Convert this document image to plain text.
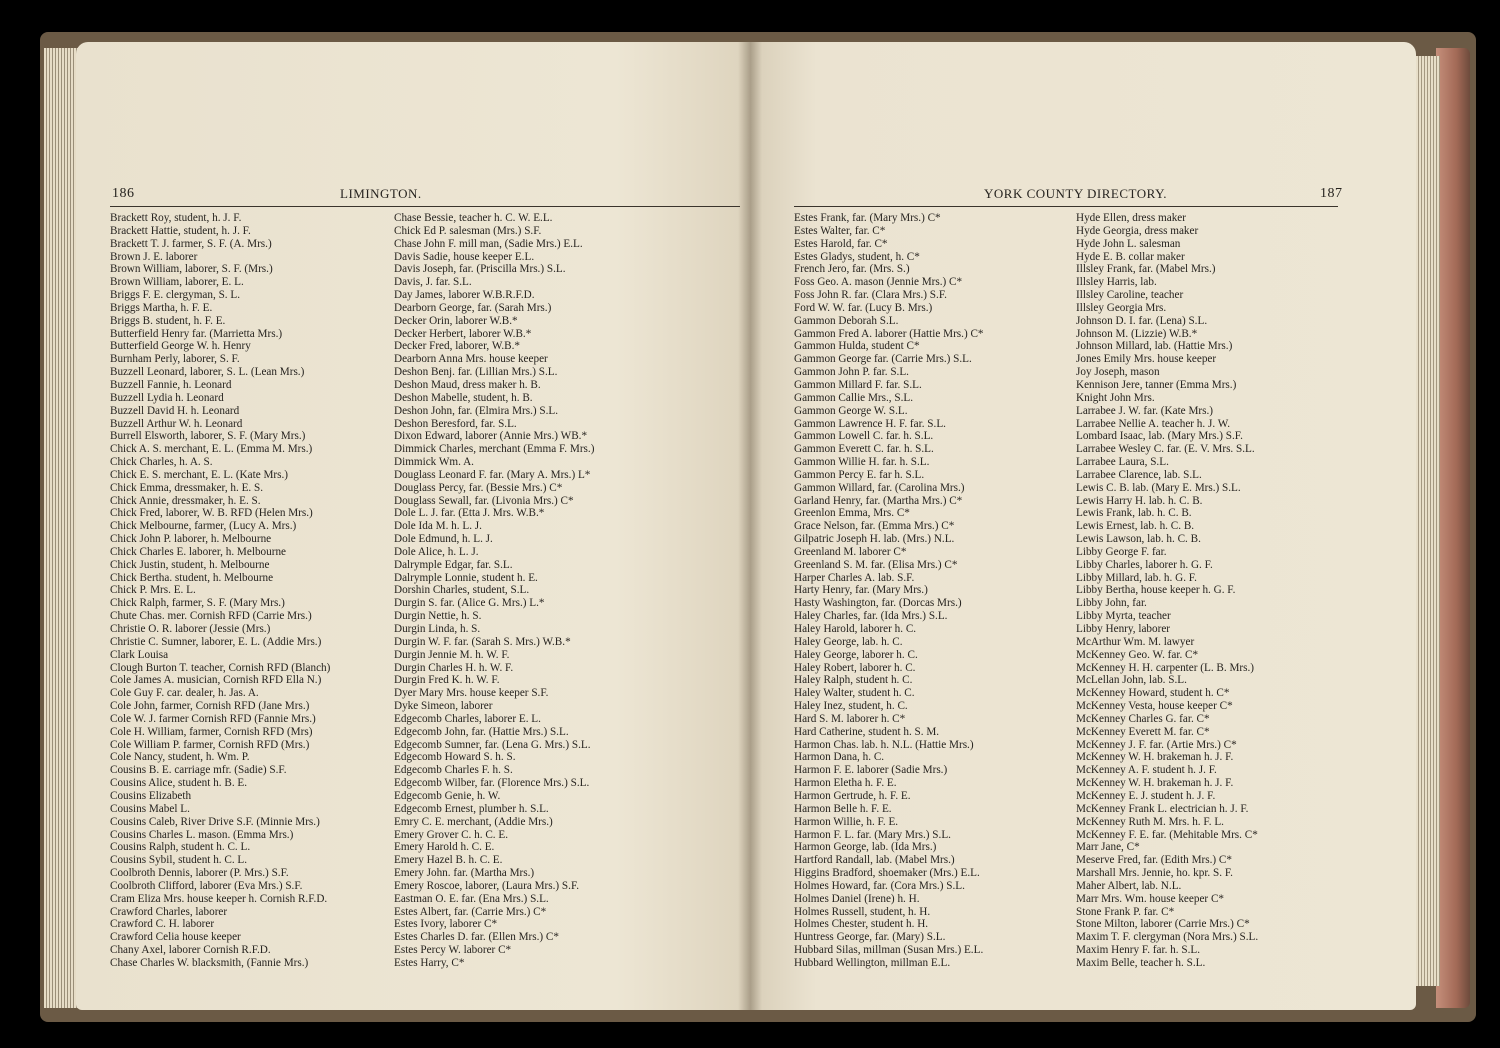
186	LIMINGTON.
Brackett Roy, student, h. J. F.
Brackett Hattie, student, h. J. F.
Brackett T. J. farmer, S. F. (A. Mrs.)
Brown J. E. laborer
Brown William, laborer, S. F. (Mrs.)
Brown William, laborer, E. L.
Briggs F. E. clergyman, S. L.
Briggs Martha, h. F. E.
Briggs B. student, h. F. E.
Butterfield Henry far. (Marrietta Mrs.)
Butterfield George W. h. Henry
Burnham Perly, laborer, S. F.
Buzzell Leonard, laborer, S. L. (Lean Mrs.)
Buzzell Fannie, h. Leonard
Buzzell Lydia h. Leonard
Buzzell David H. h. Leonard
Buzzell Arthur W. h. Leonard
Burrell Elsworth, laborer, S. F. (Mary Mrs.)
Chick A. S. merchant, E. L. (Emma M. Mrs.)
Chick Charles, h. A. S.
Chick E. S. merchant, E. L. (Kate Mrs.)
Chick Emma, dressmaker, h. E. S.
Chick Annie, dressmaker, h. E. S.
Chick Fred, laborer, W. B. RFD (Helen Mrs.)
Chick Melbourne, farmer, (Lucy A. Mrs.)
Chick John P. laborer, h. Melbourne
Chick Charles E. laborer, h. Melbourne
Chick Justin, student, h. Melbourne
Chick Bertha. student, h. Melbourne
Chick P. Mrs. E. L.
Chick Ralph, farmer, S. F. (Mary Mrs.)
Chute Chas. mer. Cornish RFD (Carrie Mrs.)
Christie O. R. laborer (Jessie (Mrs.)
Christie C. Sumner, laborer, E. L. (Addie Mrs.)
Clark Louisa
Clough Burton T. teacher, Cornish RFD (Blanch)
Cole James A. musician, Cornish RFD Ella N.)
Cole Guy F. car. dealer, h. Jas. A.
Cole John, farmer, Cornish RFD (Jane Mrs.)
Cole W. J. farmer Cornish RFD (Fannie Mrs.)
Cole H. William, farmer, Cornish RFD (Mrs)
Cole William P. farmer, Cornish RFD (Mrs.)
Cole Nancy, student, h. Wm. P.
Cousins B. E. carriage mfr. (Sadie) S.F.
Cousins Alice, student h. B. E.
Cousins Elizabeth
Cousins Mabel L.
Cousins Caleb, River Drive S.F. (Minnie Mrs.)
Cousins Charles L. mason. (Emma Mrs.)
Cousins Ralph, student h. C. L.
Cousins Sybil, student h. C. L.
Coolbroth Dennis, laborer (P. Mrs.) S.F.
Coolbroth Clifford, laborer (Eva Mrs.) S.F.
Cram Eliza Mrs. house keeper h. Cornish R.F.D.
Crawford Charles, laborer
Crawford C. H. laborer
Crawford Celia house keeper
Chany Axel, laborer Cornish R.F.D.
Chase Charles W. blacksmith, (Fannie Mrs.)
Chase Bessie, teacher h. C. W. E.L.
Chick Ed P. salesman (Mrs.) S.F.
Chase John F. mill man, (Sadie Mrs.) E.L.
Davis Sadie, house keeper E.L.
Davis Joseph, far. (Priscilla Mrs.) S.L.
Davis, J. far. S.L.
Day James, laborer W.B.R.F.D.
Dearborn George, far. (Sarah Mrs.)
Decker Orin, laborer W.B.*
Decker Herbert, laborer W.B.*
Decker Fred, laborer, W.B.*
Dearborn Anna Mrs. house keeper
Deshon Benj. far. (Lillian Mrs.) S.L.
Deshon Maud, dress maker h. B.
Deshon Mabelle, student, h. B.
Deshon John, far. (Elmira Mrs.) S.L.
Deshon Beresford, far. S.L.
Dixon Edward, laborer (Annie Mrs.) WB.*
Dimmick Charles, merchant (Emma F. Mrs.)
Dimmick Wm. A.
Douglass Leonard F. far. (Mary A. Mrs.) L*
Douglass Percy, far. (Bessie Mrs.) C*
Douglass Sewall, far. (Livonia Mrs.) C*
Dole L. J. far. (Etta J. Mrs. W.B.*
Dole Ida M. h. L. J.
Dole Edmund, h. L. J.
Dole Alice, h. L. J.
Dalrymple Edgar, far. S.L.
Dalrymple Lonnie, student h. E.
Dorshin Charles, student, S.L.
Durgin S. far. (Alice G. Mrs.) L.*
Durgin Nettie, h. S.
Durgin Linda, h. S.
Durgin W. F. far. (Sarah S. Mrs.) W.B.*
Durgin Jennie M. h. W. F.
Durgin Charles H. h. W. F.
Durgin Fred K. h. W. F.
Dyer Mary Mrs. house keeper S.F.
Dyke Simeon, laborer
Edgecomb Charles, laborer E. L.
Edgecomb John, far. (Hattie Mrs.) S.L.
Edgecomb Sumner, far. (Lena G. Mrs.) S.L.
Edgecomb Howard S. h. S.
Edgecomb Charles F. h. S.
Edgecomb Wilber, far. (Florence Mrs.) S.L.
Edgecomb Genie, h. W.
Edgecomb Ernest, plumber h. S.L.
Emry C. E. merchant, (Addie Mrs.)
Emery Grover C. h. C. E.
Emery Harold h. C. E.
Emery Hazel B. h. C. E.
Emery John. far. (Martha Mrs.)
Emery Roscoe, laborer, (Laura Mrs.) S.F.
Eastman O. E. far. (Ena Mrs.) S.L.
Estes Albert, far. (Carrie Mrs.) C*
Estes Ivory, laborer C*
Estes Charles D. far. (Ellen Mrs.) C*
Estes Percy W. laborer C*
Estes Harry, C*
YORK COUNTY DIRECTORY.	187
Estes Frank, far. (Mary Mrs.) C*
Estes Walter, far. C*
Estes Harold, far. C*
Estes Gladys, student, h. C*
French Jero, far. (Mrs. S.)
Foss Geo. A. mason (Jennie Mrs.) C*
Foss John R. far. (Clara Mrs.) S.F.
Ford W. W. far. (Lucy B. Mrs.)
Gammon Deborah S.L.
Gammon Fred A. laborer (Hattie Mrs.) C*
Gammon Hulda, student C*
Gammon George far. (Carrie Mrs.) S.L.
Gammon John P. far. S.L.
Gammon Millard F. far. S.L.
Gammon Callie Mrs., S.L.
Gammon George W. S.L.
Gammon Lawrence H. F. far. S.L.
Gammon Lowell C. far. h. S.L.
Gammon Everett C. far. h. S.L.
Gammon Willie H. far. h. S.L.
Gammon Percy E. far h. S.L.
Gammon Willard, far. (Carolina Mrs.)
Garland Henry, far. (Martha Mrs.) C*
Greenlon Emma, Mrs. C*
Grace Nelson, far. (Emma Mrs.) C*
Gilpatric Joseph H. lab. (Mrs.) N.L.
Greenland M. laborer C*
Greenland S. M. far. (Elisa Mrs.) C*
Harper Charles A. lab. S.F.
Harty Henry, far. (Mary Mrs.)
Hasty Washington, far. (Dorcas Mrs.)
Haley Charles, far. (Ida Mrs.) S.L.
Haley Harold, laborer h. C.
Haley George, lab. h. C.
Haley George, laborer h. C.
Haley Robert, laborer h. C.
Haley Ralph, student h. C.
Haley Walter, student h. C.
Haley Inez, student, h. C.
Hard S. M. laborer h. C*
Hard Catherine, student h. S. M.
Harmon Chas. lab. h. N.L. (Hattie Mrs.)
Harmon Dana, h. C.
Harmon F. E. laborer (Sadie Mrs.)
Harmon Eletha h. F. E.
Harmon Gertrude, h. F. E.
Harmon Belle h. F. E.
Harmon Willie, h. F. E.
Harmon F. L. far. (Mary Mrs.) S.L.
Harmon George, lab. (Ida Mrs.)
Hartford Randall, lab. (Mabel Mrs.)
Higgins Bradford, shoemaker (Mrs.) E.L.
Holmes Howard, far. (Cora Mrs.) S.L.
Holmes Daniel (Irene) h. H.
Holmes Russell, student, h. H.
Holmes Chester, student h. H.
Huntress George, far. (Mary) S.L.
Hubbard Silas, millman (Susan Mrs.) E.L.
Hubbard Wellington, millman E.L.
Hyde Ellen, dress maker
Hyde Georgia, dress maker
Hyde John L. salesman
Hyde E. B. collar maker
Illsley Frank, far. (Mabel Mrs.)
Illsley Harris, lab.
Illsley Caroline, teacher
Illsley Georgia Mrs.
Johnson D. I. far. (Lena) S.L.
Johnson M. (Lizzie) W.B.*
Johnson Millard, lab. (Hattie Mrs.)
Jones Emily Mrs. house keeper
Joy Joseph, mason
Kennison Jere, tanner (Emma Mrs.)
Knight John Mrs.
Larrabee J. W. far. (Kate Mrs.)
Larrabee Nellie A. teacher h. J. W.
Lombard Isaac, lab. (Mary Mrs.) S.F.
Larrabee Wesley C. far. (E. V. Mrs. S.L.
Larrabee Laura, S.L.
Larrabee Clarence, lab. S.L.
Lewis C. B. lab. (Mary E. Mrs.) S.L.
Lewis Harry H. lab. h. C. B.
Lewis Frank, lab. h. C. B.
Lewis Ernest, lab. h. C. B.
Lewis Lawson, lab. h. C. B.
Libby George F. far.
Libby Charles, laborer h. G. F.
Libby Millard, lab. h. G. F.
Libby Bertha, house keeper h. G. F.
Libby John, far.
Libby Myrta, teacher
Libby Henry, laborer
McArthur Wm. M. lawyer
McKenney Geo. W. far. C*
McKenney H. H. carpenter (L. B. Mrs.)
McLellan John, lab. S.L.
McKenney Howard, student h. C*
McKenney Vesta, house keeper C*
McKenney Charles G. far. C*
McKenney Everett M. far. C*
McKenney J. F. far. (Artie Mrs.) C*
McKenney W. H. brakeman h. J. F.
McKenney A. F. student h. J. F.
McKenney W. H. brakeman h. J. F.
McKenney E. J. student h. J. F.
McKenney Frank L. electrician h. J. F.
McKenney Ruth M. Mrs. h. F. L.
McKenney F. E. far. (Mehitable Mrs. C*
Marr Jane, C*
Meserve Fred, far. (Edith Mrs.) C*
Marshall Mrs. Jennie, ho. kpr. S. F.
Maher Albert, lab. N.L.
Marr Mrs. Wm. house keeper C*
Stone Frank P. far. C*
Stone Milton, laborer (Carrie Mrs.) C*
Maxim T. F. clergyman (Nora Mrs.) S.L.
Maxim Henry F. far. h. S.L.
Maxim Belle, teacher h. S.L.
